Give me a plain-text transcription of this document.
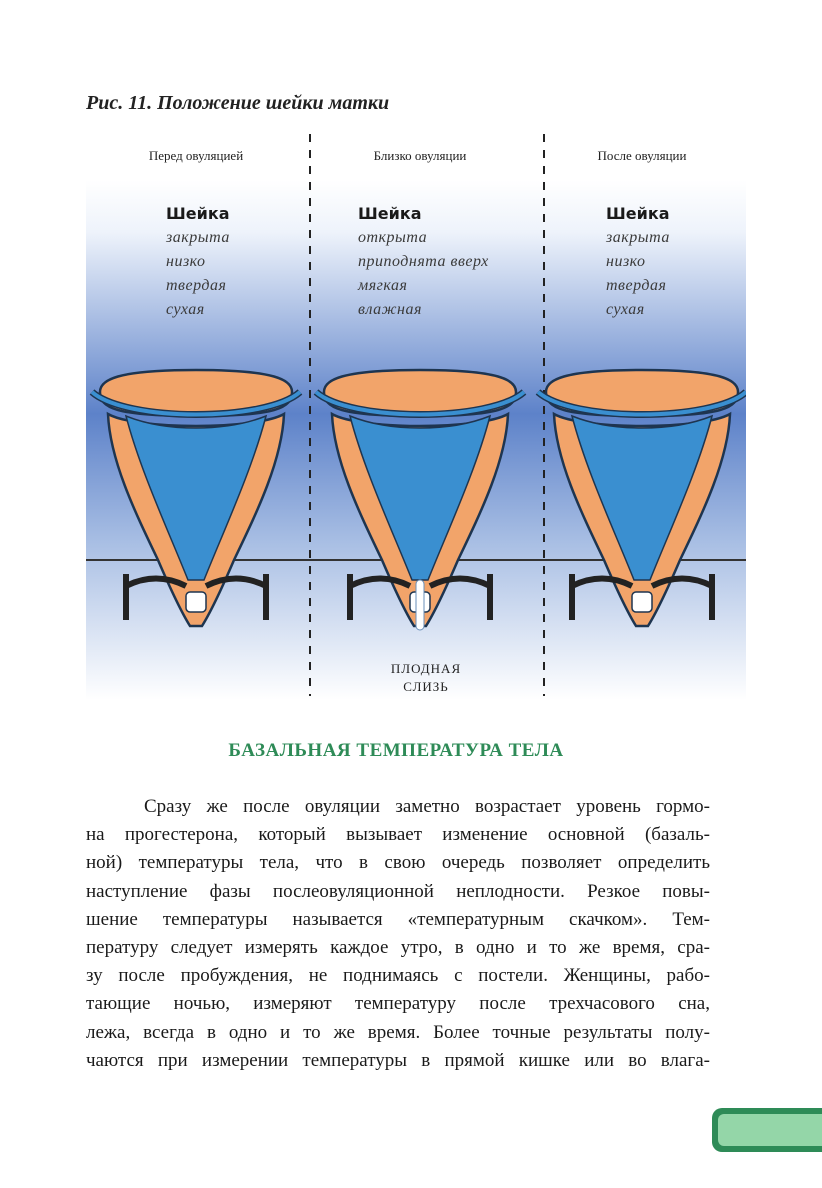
Рис. 11. Положение шейки матки
Перед овуляцией	Близко овуляции	После овуляции
Шейка
закрыта
низко
твердая
сухая
Шейка
открыта
приподнята вверх
мягкая
влажная
Шейка
закрыта
низко
твердая
сухая
ПЛОДНАЯ
СЛИЗЬ
БАЗАЛЬНАЯ ТЕМПЕРАТУРА ТЕЛА
Сразу же после овуляции заметно возрастает уровень гормо-
на прогестерона, который вызывает изменение основной (базаль-
ной) температуры тела, что в свою очередь позволяет определить
наступление фазы послеовуляционной неплодности. Резкое повы-
шение температуры называется «температурным скачком». Тем-
пературу следует измерять каждое утро, в одно и то же время, сра-
зу после пробуждения, не поднимаясь с постели. Женщины, рабо-
тающие ночью, измеряют температуру после трехчасового сна,
лежа, всегда в одно и то же время. Более точные результаты полу-
чаются при измерении температуры в прямой кишке или во влага-
